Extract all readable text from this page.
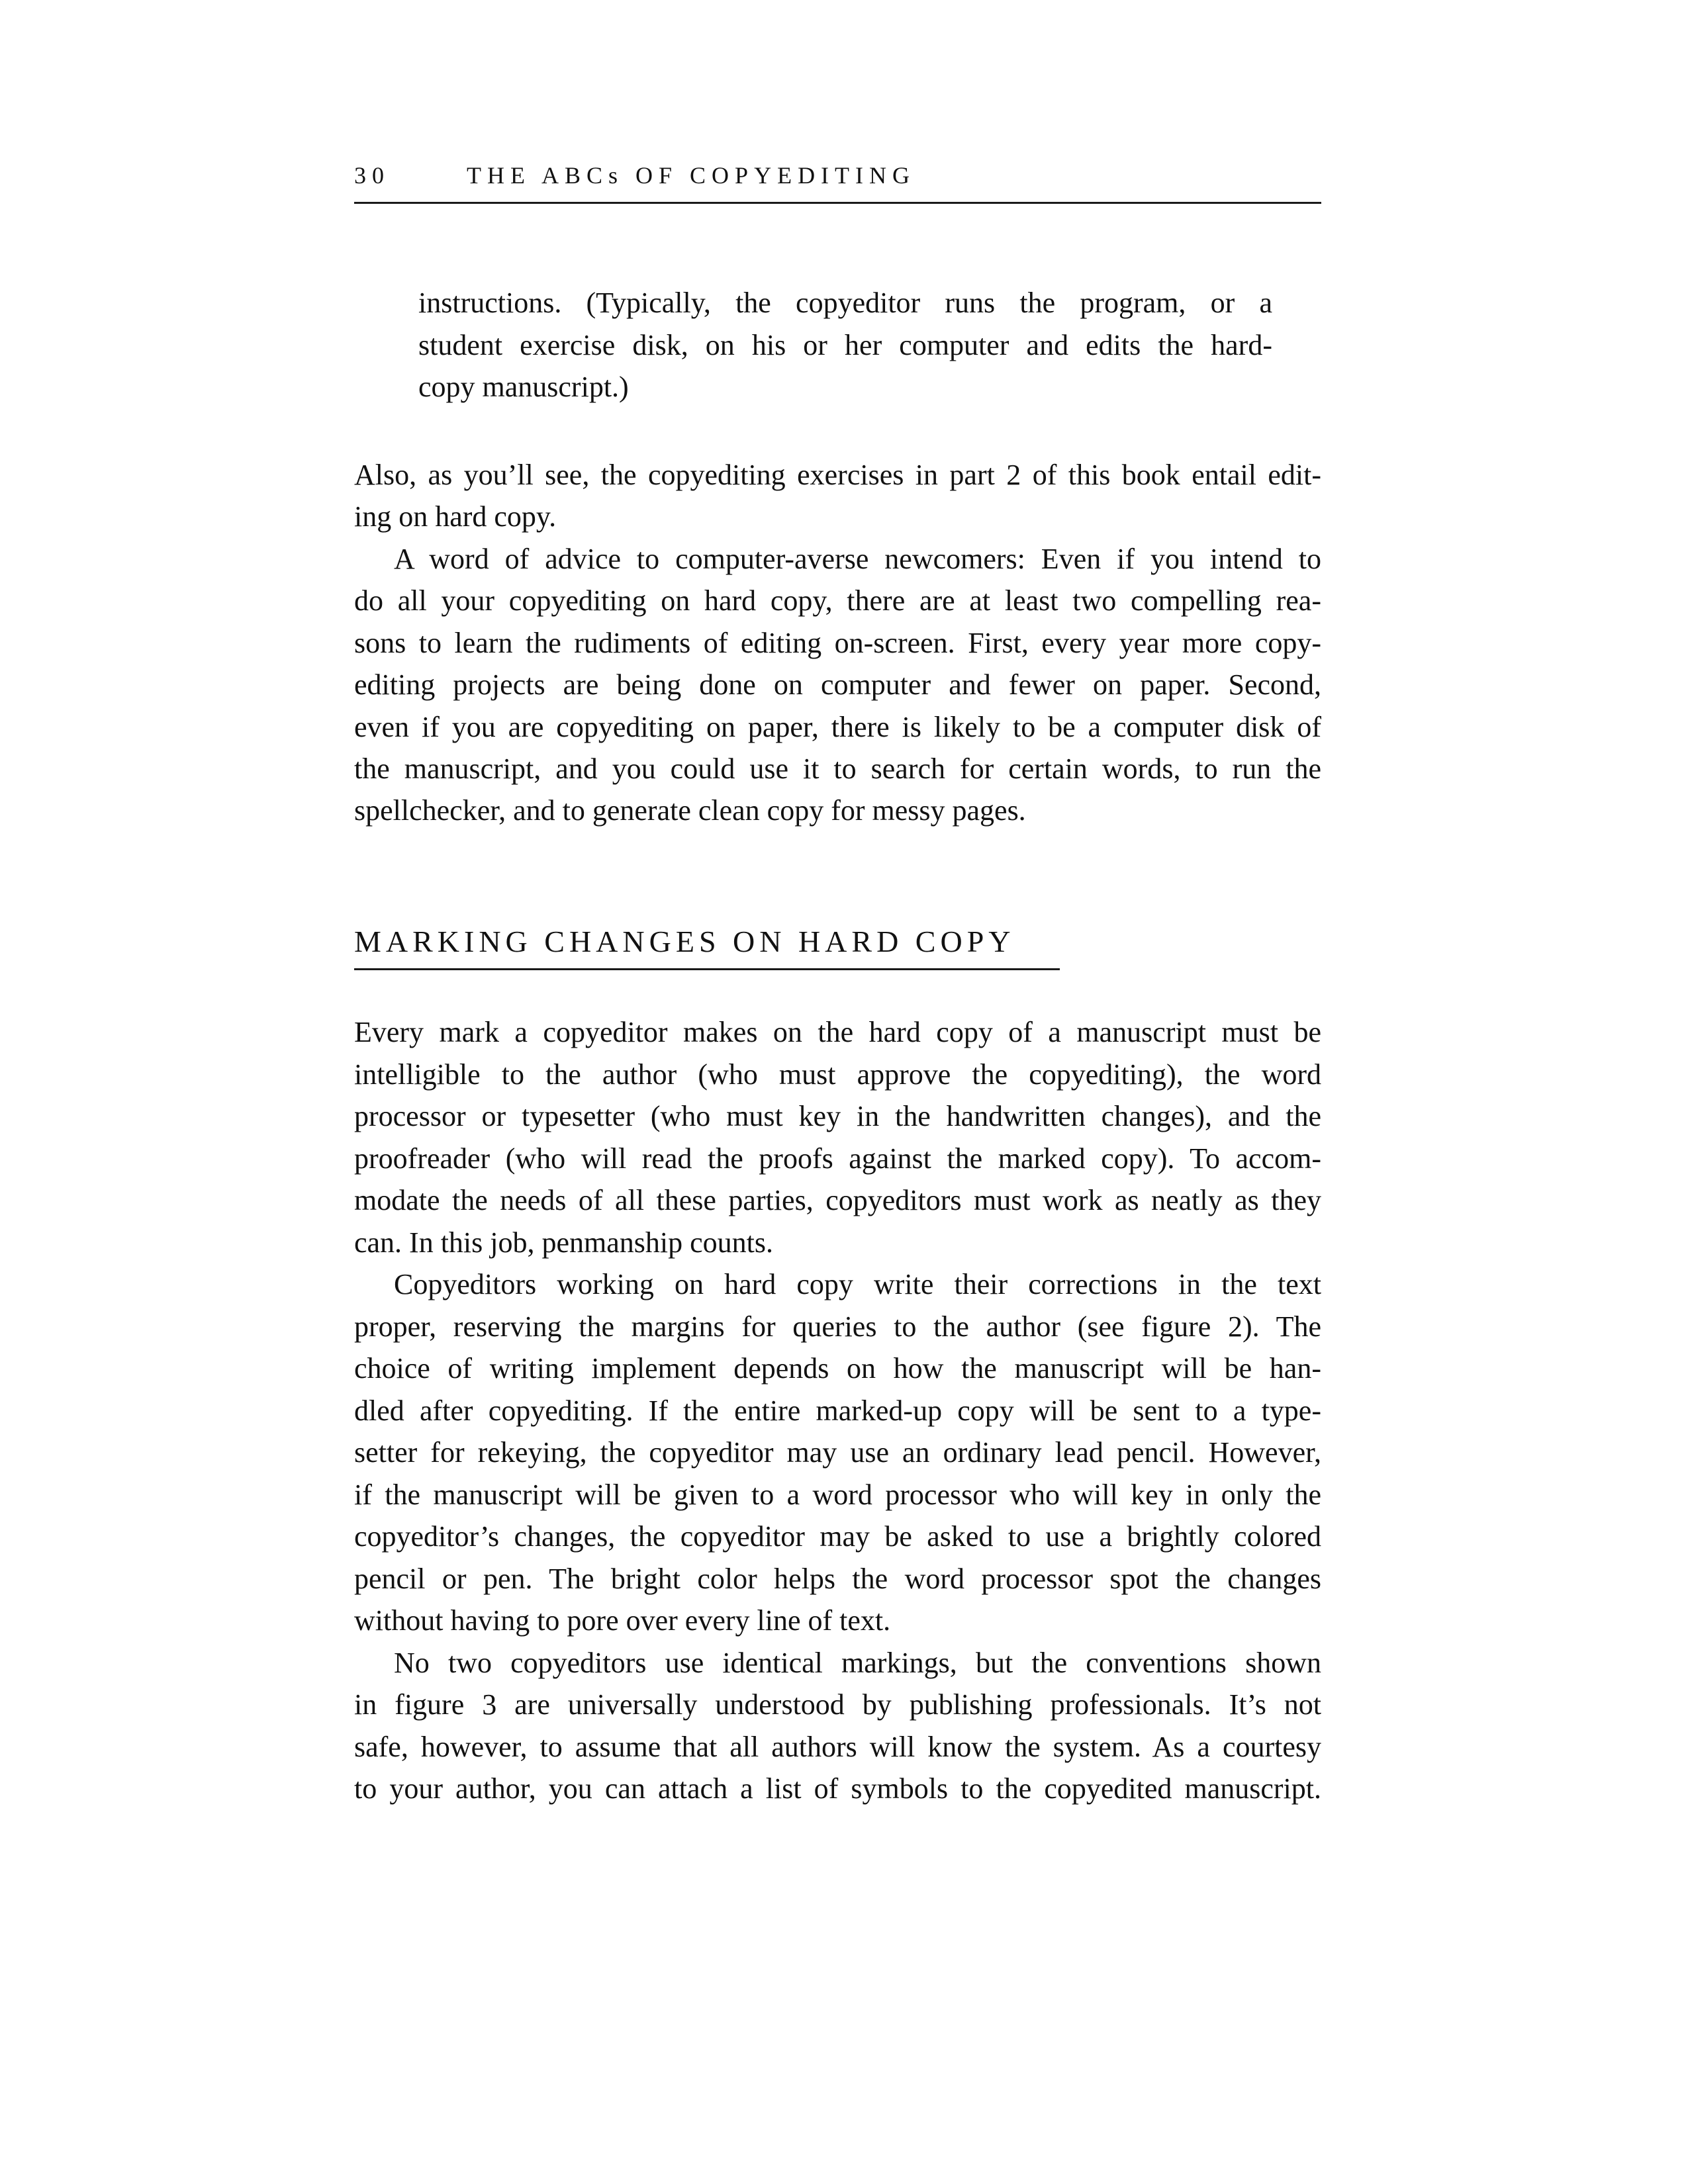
30	THE ABCs OF COPYEDITING
instructions. (Typically, the copyeditor runs the program, or a
student exercise disk, on his or her computer and edits the hard-
copy manuscript.)
Also, as you’ll see, the copyediting exercises in part 2 of this book entail edit-
ing on hard copy.
A word of advice to computer-averse newcomers: Even if you intend to
do all your copyediting on hard copy, there are at least two compelling rea-
sons to learn the rudiments of editing on-screen. First, every year more copy-
editing projects are being done on computer and fewer on paper. Second,
even if you are copyediting on paper, there is likely to be a computer disk of
the manuscript, and you could use it to search for certain words, to run the
spellchecker, and to generate clean copy for messy pages.
MARKING CHANGES ON HARD COPY
Every mark a copyeditor makes on the hard copy of a manuscript must be
intelligible to the author (who must approve the copyediting), the word
processor or typesetter (who must key in the handwritten changes), and the
proofreader (who will read the proofs against the marked copy). To accom-
modate the needs of all these parties, copyeditors must work as neatly as they
can. In this job, penmanship counts.
Copyeditors working on hard copy write their corrections in the text
proper, reserving the margins for queries to the author (see figure 2). The
choice of writing implement depends on how the manuscript will be han-
dled after copyediting. If the entire marked-up copy will be sent to a type-
setter for rekeying, the copyeditor may use an ordinary lead pencil. However,
if the manuscript will be given to a word processor who will key in only the
copyeditor’s changes, the copyeditor may be asked to use a brightly colored
pencil or pen. The bright color helps the word processor spot the changes
without having to pore over every line of text.
No two copyeditors use identical markings, but the conventions shown
in figure 3 are universally understood by publishing professionals. It’s not
safe, however, to assume that all authors will know the system. As a courtesy
to your author, you can attach a list of symbols to the copyedited manuscript.
